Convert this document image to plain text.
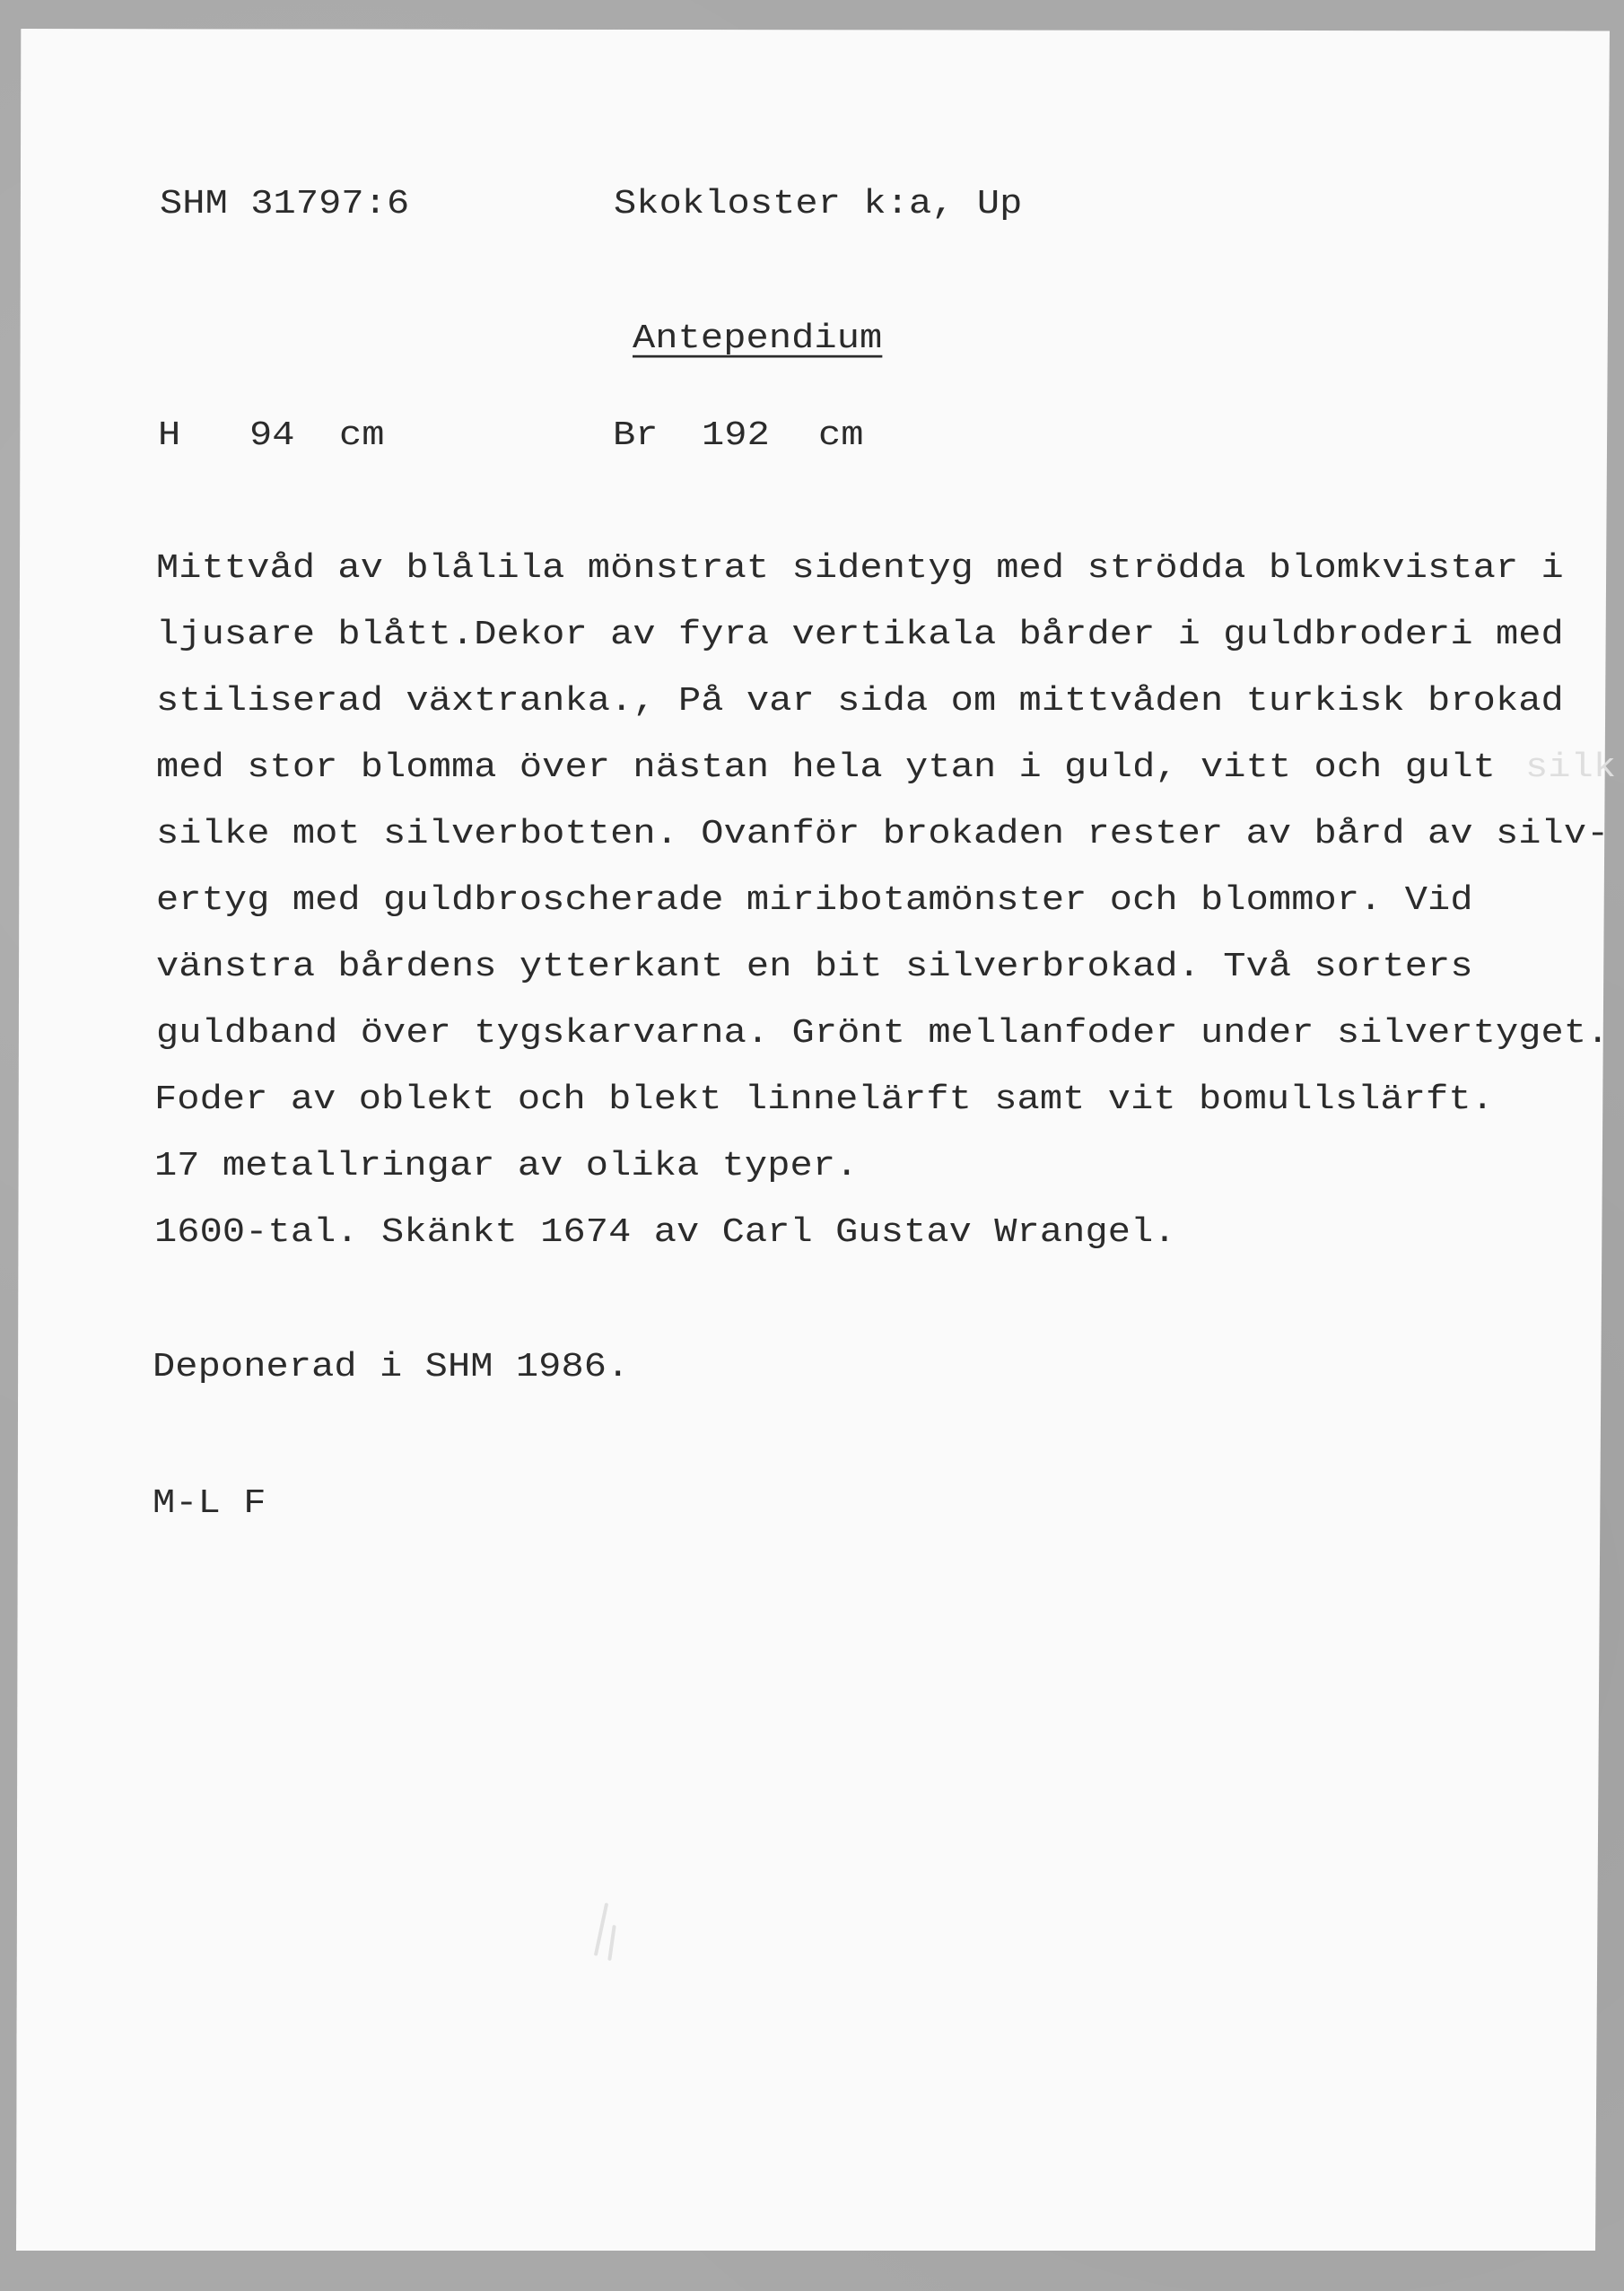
SHM 31797:6	Skokloster k:a, Up
Antependium
H 94 cm	Br 192 cm
Mittvåd av blålila mönstrat sidentyg med strödda blomkvistar i
ljusare blått.Dekor av fyra vertikala bårder i guldbroderi med
stiliserad växtranka., På var sida om mittvåden turkisk brokad
med stor blomma över nästan hela ytan i guld, vitt och gult silk
silke mot silverbotten. Ovanför brokaden rester av bård av silv-
ertyg med guldbroscherade miribotamönster och blommor. Vid
vänstra bårdens ytterkant en bit silverbrokad. Två sorters
guldband över tygskarvarna. Grönt mellanfoder under silvertyget.
Foder av oblekt och blekt linnelärft samt vit bomullslärft.
17 metallringar av olika typer.
1600-tal. Skänkt 1674 av Carl Gustav Wrangel.
Deponerad i SHM 1986.
M-L F
